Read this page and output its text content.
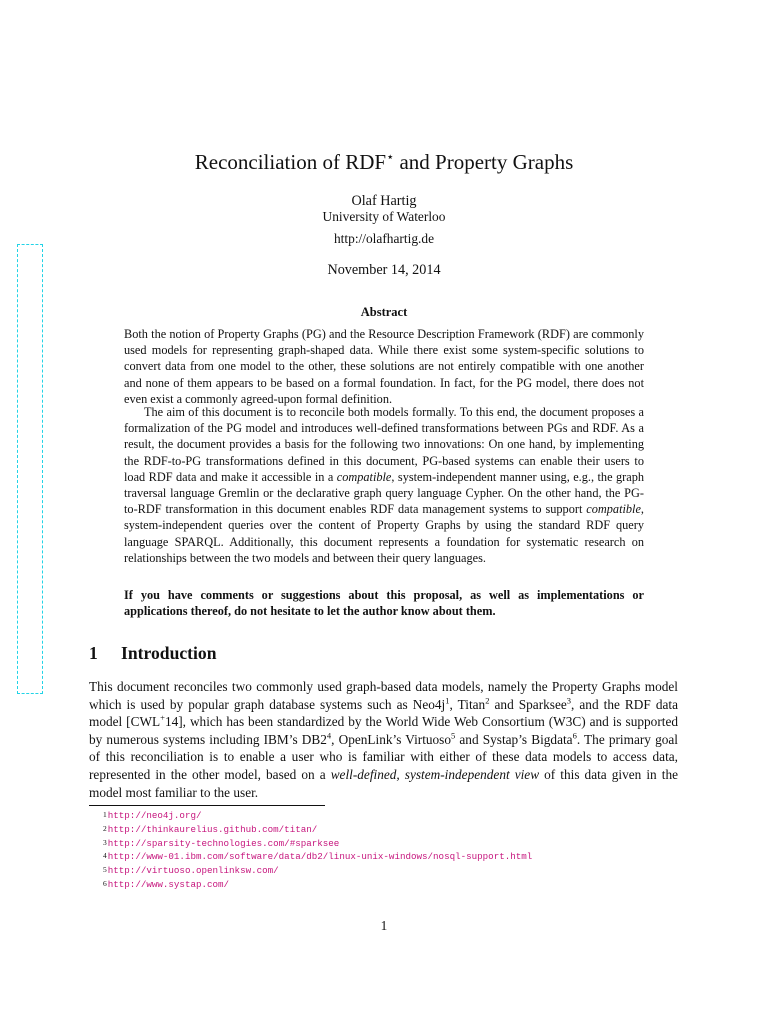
Reconciliation of RDF⋆ and Property Graphs
Olaf Hartig
University of Waterloo
http://olafhartig.de
November 14, 2014
Abstract

Both the notion of Property Graphs (PG) and the Resource Description Framework (RDF) are commonly used models for representing graph-shaped data. While there exist some system-specific solutions to convert data from one model to the other, these solutions are not entirely compatible with one another and none of them appears to be based on a formal foundation. In fact, for the PG model, there does not even exist a commonly agreed-upon formal definition.

The aim of this document is to reconcile both models formally. To this end, the document proposes a formalization of the PG model and introduces well-defined transformations between PGs and RDF. As a result, the document provides a basis for the following two innovations: On one hand, by implementing the RDF-to-PG transformations defined in this document, PG-based systems can enable their users to load RDF data and make it accessible in a compatible, system-independent manner using, e.g., the graph traversal language Gremlin or the declarative graph query language Cypher. On the other hand, the PG-to-RDF transformation in this document enables RDF data management systems to support compatible, system-independent queries over the content of Property Graphs by using the standard RDF query language SPARQL. Additionally, this document represents a foundation for systematic research on relationships between the two models and between their query languages.

If you have comments or suggestions about this proposal, as well as implementations or applications thereof, do not hesitate to let the author know about them.

1 Introduction

This document reconciles two commonly used graph-based data models, namely the Property Graphs model which is used by popular graph database systems such as $Neo4j^1$, Titan$^2$ and Sparksee$^3$, and the RDF data model [CWL+14], which has been standardized by the World Wide Web Consortium (W3C) and is supported by numerous systems including IBM’s $DB2^4$, OpenLink’s Virtuoso$^5$ and Systap’s Bigdata$^6$. The primary goal of this reconciliation is to enable a user who is familiar with either of these data models to access data, represented in the other model, based on a well-defined, system-independent view of this data given in the model most familiar to the user.

$^1$http://neo4j.org/
$^2$http://thinkaurelius.github.com/titan/
$^3$http://sparsity-technologies.com/#sparksee
$^4$http://www-01.ibm.com/software/data/db2/linux-unix-windows/nosql-support.html
$^5$http://virtuoso.openlinksw.com/
$^6$http://www.systap.com/
1
